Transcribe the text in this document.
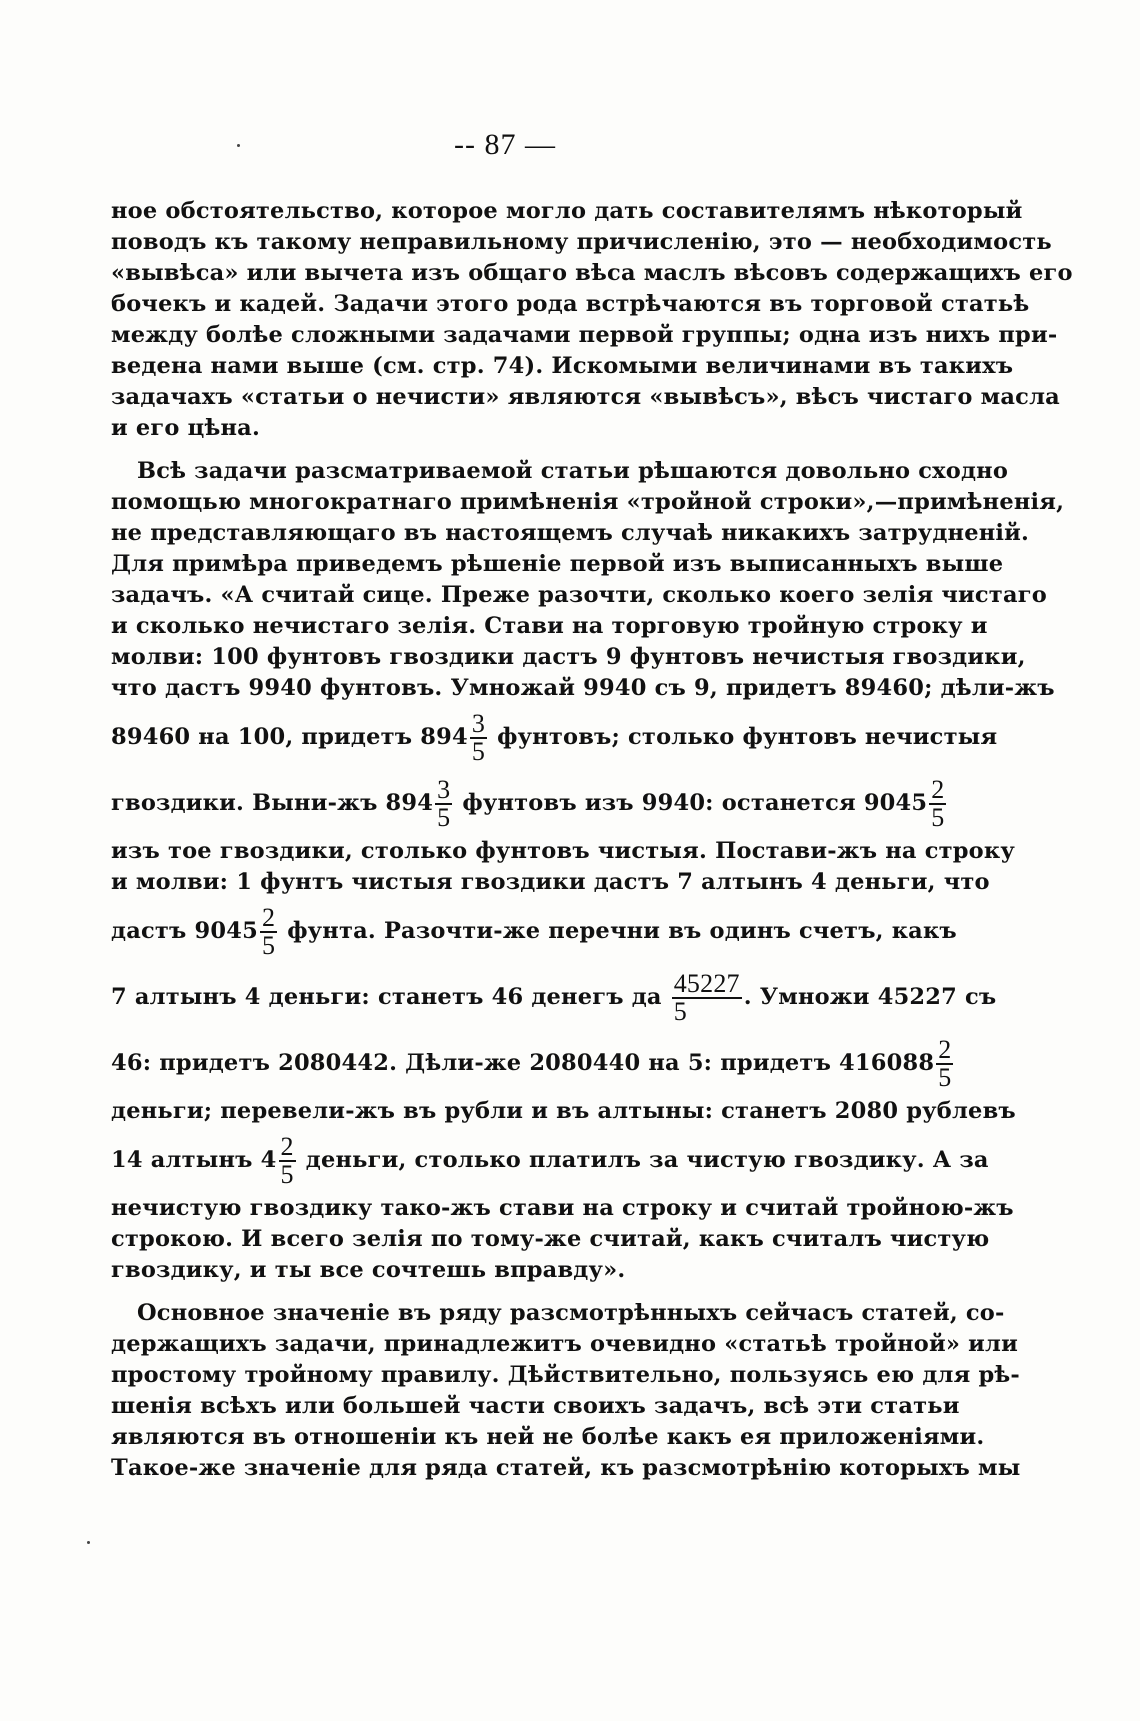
-- 87 —
ное обстоятельство, которое могло дать составителямъ нѣкоторый
поводъ къ такому неправильному причисленію, это — необходимость
«вывѣса» или вычета изъ общаго вѣса маслъ вѣсовъ содержащихъ его
бочекъ и кадей. Задачи этого рода встрѣчаются въ торговой статьѣ
между болѣе сложными задачами первой группы; одна изъ нихъ при-
ведена нами выше (см. стр. 74). Искомыми величинами въ такихъ
задачахъ «статьи о нечисти» являются «вывѣсъ», вѣсъ чистаго масла
и его цѣна.
Всѣ задачи разсматриваемой статьи рѣшаются довольно сходно
помощью многократнаго примѣненія «тройной строки»,—примѣненія,
не представляющаго въ настоящемъ случаѣ никакихъ затрудненій.
Для примѣра приведемъ рѣшеніе первой изъ выписанныхъ выше
задачъ. «А считай сице. Преже разочти, сколько коего зелія чистаго
и сколько нечистаго зелія. Стави на торговую тройную строку и
молви: 100 фунтовъ гвоздики дастъ 9 фунтовъ нечистыя гвоздики,
что дастъ 9940 фунтовъ. Умножай 9940 съ 9, придетъ 89460; дѣли-жъ
89460 на 100, придетъ $894 \frac{3}{5}$ фунтовъ; столько фунтовъ нечистыя
гвоздики. Выни-жъ $894 \frac{3}{5}$ фунтовъ изъ 9940: останется $9045 \frac{2}{5}$
изъ тое гвоздики, столько фунтовъ чистыя. Постави-жъ на строку
и молви: 1 фунтъ чистыя гвоздики дастъ 7 алтынъ 4 деньги, что
дастъ $9045 \frac{2}{5}$ фунта. Разочти-же перечни въ одинъ счетъ, какъ
7 алтынъ 4 деньги: станетъ 46 денегъ да $\frac{45227}{5}$ . Умножи 45227 съ
46: придетъ 2080442. Дѣли-же 2080440 на 5: придетъ $416088 \frac{2}{5}$
деньги; перевели-жъ въ рубли и въ алтыны: станетъ 2080 рублевъ
14 алтынъ $4 \frac{2}{5}$ деньги, столько платилъ за чистую гвоздику. А за
нечистую гвоздику тако-жъ стави на строку и считай тройною-жъ
строкою. И всего зелія по тому-же считай, какъ считалъ чистую
гвоздику, и ты все сочтешь вправду».
Основное значеніе въ ряду разсмотрѣнныхъ сейчасъ статей, со-
держащихъ задачи, принадлежитъ очевидно «статьѣ тройной» или
простому тройному правилу. Дѣйствительно, пользуясь ею для рѣ-
шенія всѣхъ или большей части своихъ задачъ, всѣ эти статьи
являются въ отношеніи къ ней не болѣе какъ ея приложеніями.
Такое-же значеніе для ряда статей, къ разсмотрѣнію которыхъ мы
